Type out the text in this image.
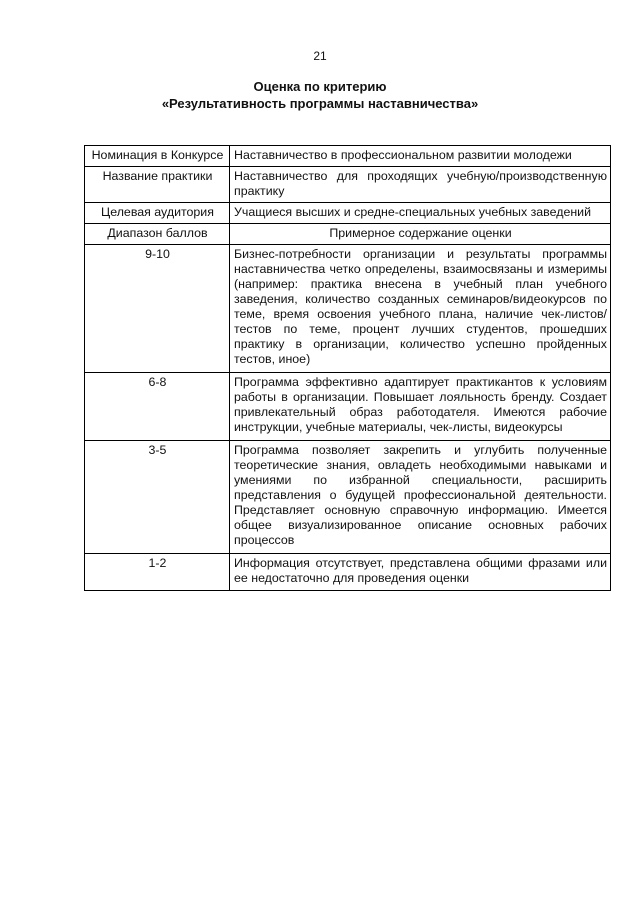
21
Оценка по критерию
«Результативность программы наставничества»
Номинация в Конкурсе	Наставничество в профессиональном развитии молодежи
Название практики	Наставничество для проходящих учебную/производственную практику
Целевая аудитория	Учащиеся высших и средне-специальных учебных заведений
Диапазон баллов	Примерное содержание оценки
9-10	Бизнес-потребности организации и результаты программы наставничества четко определены, взаимосвязаны и измеримы (например: практика внесена в учебный план учебного заведения, количество созданных семинаров/видеокурсов по теме, время освоения учебного плана, наличие чек-листов/ тестов по теме, процент лучших студентов, прошедших практику в организации, количество успешно пройденных тестов, иное)
6-8	Программа эффективно адаптирует практикантов к условиям работы в организации. Повышает лояльность бренду. Создает привлекательный образ работодателя. Имеются рабочие инструкции, учебные материалы, чек-листы, видеокурсы
3-5	Программа позволяет закрепить и углубить полученные теоретические знания, овладеть необходимыми навыками и умениями по избранной специальности, расширить представления о будущей профессиональной деятельности. Представляет основную справочную информацию. Имеется общее визуализированное описание основных рабочих процессов
1-2	Информация отсутствует, представлена общими фразами или ее недостаточно для проведения оценки
